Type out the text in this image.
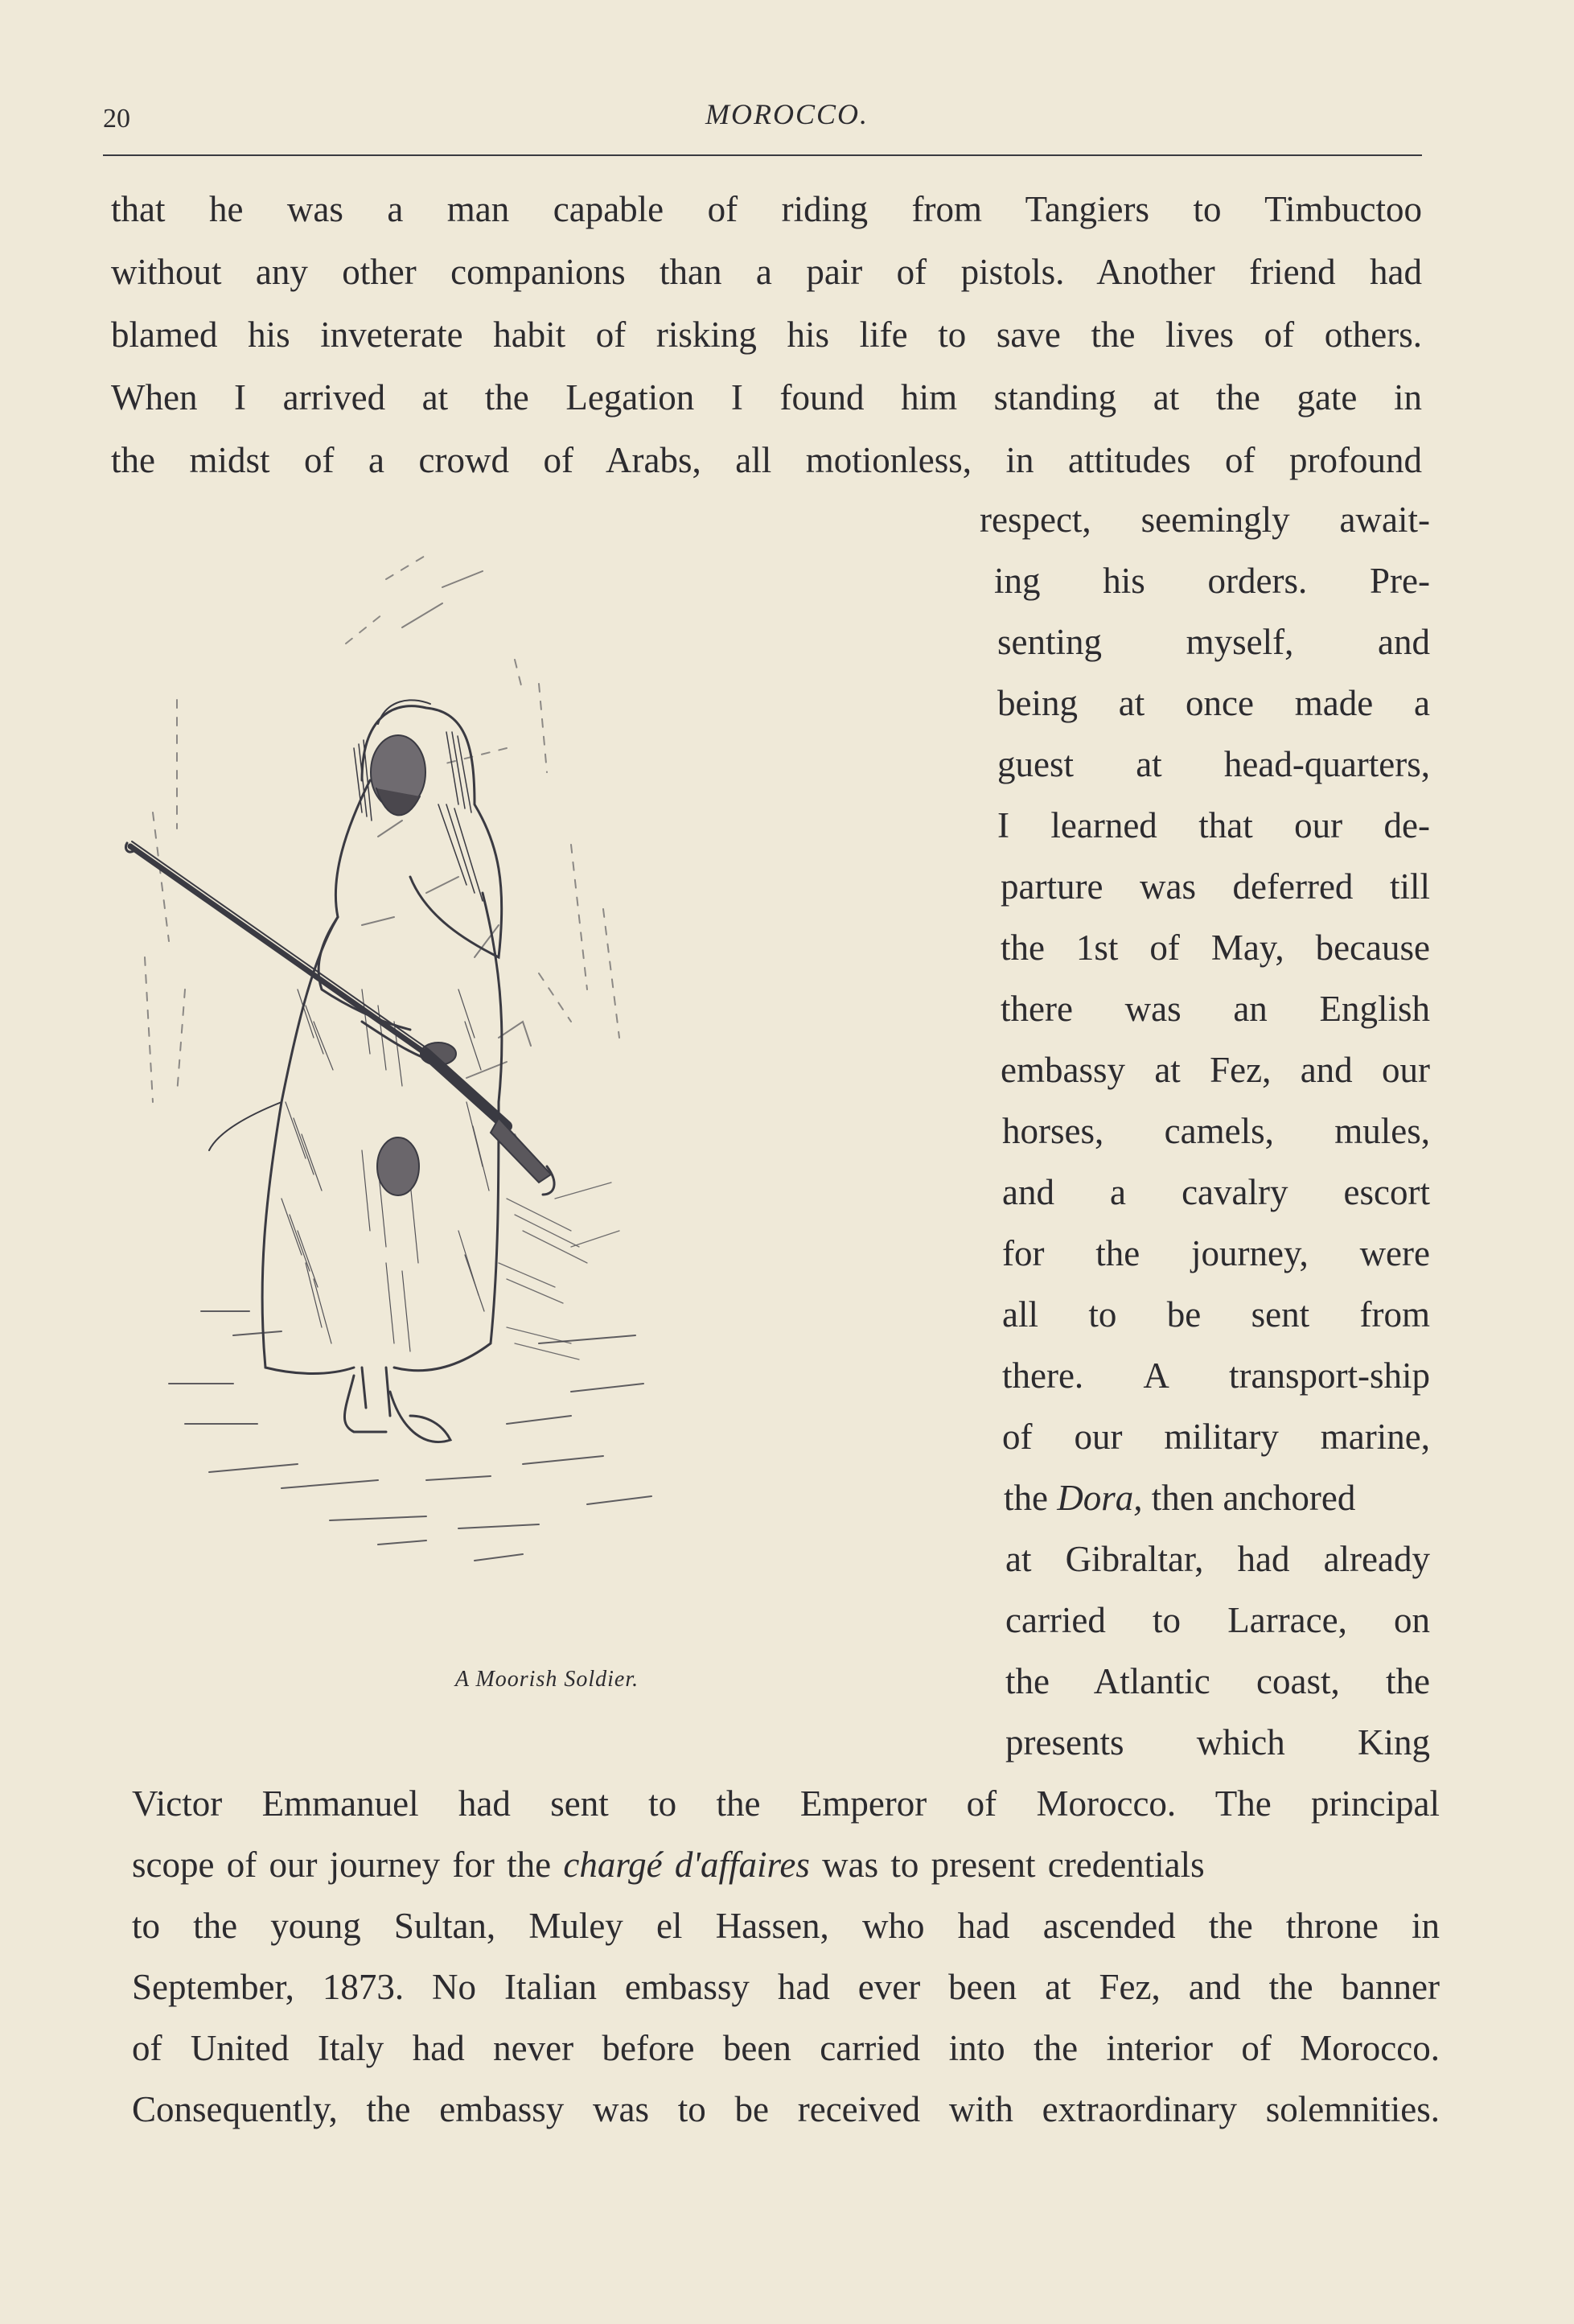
20	MOROCCO.
that he was a man capable of riding from Tangiers to Timbuctoo
without any other companions than a pair of pistols. Another friend had
blamed his inveterate habit of risking his life to save the lives of others.
When I arrived at the Legation I found him standing at the gate in
the midst of a crowd of Arabs, all motionless, in attitudes of profound
respect, seemingly await-
ing his orders. Pre-
senting myself, and
being at once made a
guest at head-quarters,
I learned that our de-
parture was deferred till
the 1st of May, because
there was an English
embassy at Fez, and our
horses, camels, mules,
and a cavalry escort
for the journey, were
all to be sent from
there. A transport-ship
of our military marine,
the Dora, then anchored
at Gibraltar, had already
carried to Larrace, on
the Atlantic coast, the
presents which King
Victor Emmanuel had sent to the Emperor of Morocco. The principal
scope of our journey for the chargé d'affaires was to present credentials
to the young Sultan, Muley el Hassen, who had ascended the throne in
September, 1873. No Italian embassy had ever been at Fez, and the banner
of United Italy had never before been carried into the interior of Morocco.
Consequently, the embassy was to be received with extraordinary solemnities.
A Moorish Soldier.
